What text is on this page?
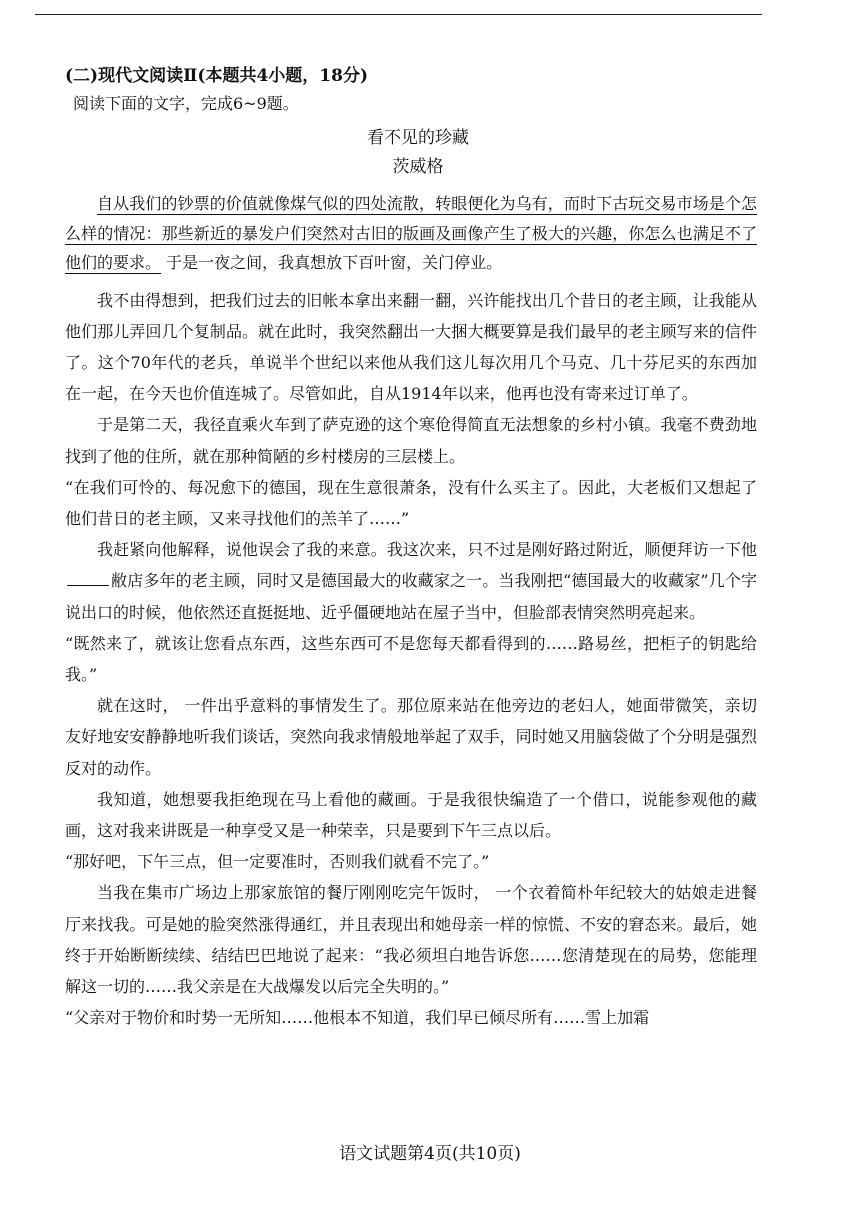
(二)现代文阅读Ⅱ(本题共4小题，18分)

阅读下面的文字，完成6~9题。

看不见的珍藏

茨威格

自从我们的钞票的价值就像煤气似的四处流散，转眼便化为乌有，而时下古玩交易市场是个怎么样的情况：那些新近的暴发户们突然对古旧的版画及画像产生了极大的兴趣，你怎么也满足不了他们的要求。 于是一夜之间，我真想放下百叶窗，关门停业。

我不由得想到，把我们过去的旧帐本拿出来翻一翻，兴许能找出几个昔日的老主顾，让我能从他们那儿弄回几个复制品。就在此时，我突然翻出一大捆大概要算是我们最早的老主顾写来的信件了。这个70年代的老兵，单说半个世纪以来他从我们这儿每次用几个马克、几十芬尼买的东西加在一起，在今天也价值连城了。尽管如此，自从1914年以来，他再也没有寄来过订单了。

于是第二天，我径直乘火车到了萨克逊的这个寒伧得简直无法想象的乡村小镇。我毫不费劲地找到了他的住所，就在那种简陋的乡村楼房的三层楼上。

“在我们可怜的、每况愈下的德国，现在生意很萧条，没有什么买主了。因此，大老板们又想起了他们昔日的老主顾，又来寻找他们的羔羊了……”

我赶紧向他解释，说他误会了我的来意。我这次来，只不过是刚好路过附近，顺便拜访一下他敝店多年的老主顾，同时又是德国最大的收藏家之一。当我刚把“德国最大的收藏家”几个字说出口的时候，他依然还直挺挺地、近乎僵硬地站在屋子当中，但脸部表情突然明亮起来。

“既然来了，就该让您看点东西，这些东西可不是您每天都看得到的……路易丝，把柜子的钥匙给我。”

就在这时， 一件出乎意料的事情发生了。那位原来站在他旁边的老妇人，她面带微笑，亲切友好地安安静静地听我们谈话，突然向我求情般地举起了双手，同时她又用脑袋做了个分明是强烈反对的动作。

我知道，她想要我拒绝现在马上看他的藏画。于是我很快编造了一个借口，说能参观他的藏画，这对我来讲既是一种享受又是一种荣幸，只是要到下午三点以后。

“那好吧，下午三点，但一定要准时，否则我们就看不完了。”

当我在集市广场边上那家旅馆的餐厅刚刚吃完午饭时， 一个衣着简朴年纪较大的姑娘走进餐厅来找我。可是她的脸突然涨得通红，并且表现出和她母亲一样的惊慌、不安的窘态来。最后，她终于开始断断续续、结结巴巴地说了起来：“我必须坦白地告诉您……您清楚现在的局势，您能理解这一切的……我父亲是在大战爆发以后完全失明的。”

“父亲对于物价和时势一无所知……他根本不知道，我们早已倾尽所有……雪上加霜

语文试题第4页(共10页)
